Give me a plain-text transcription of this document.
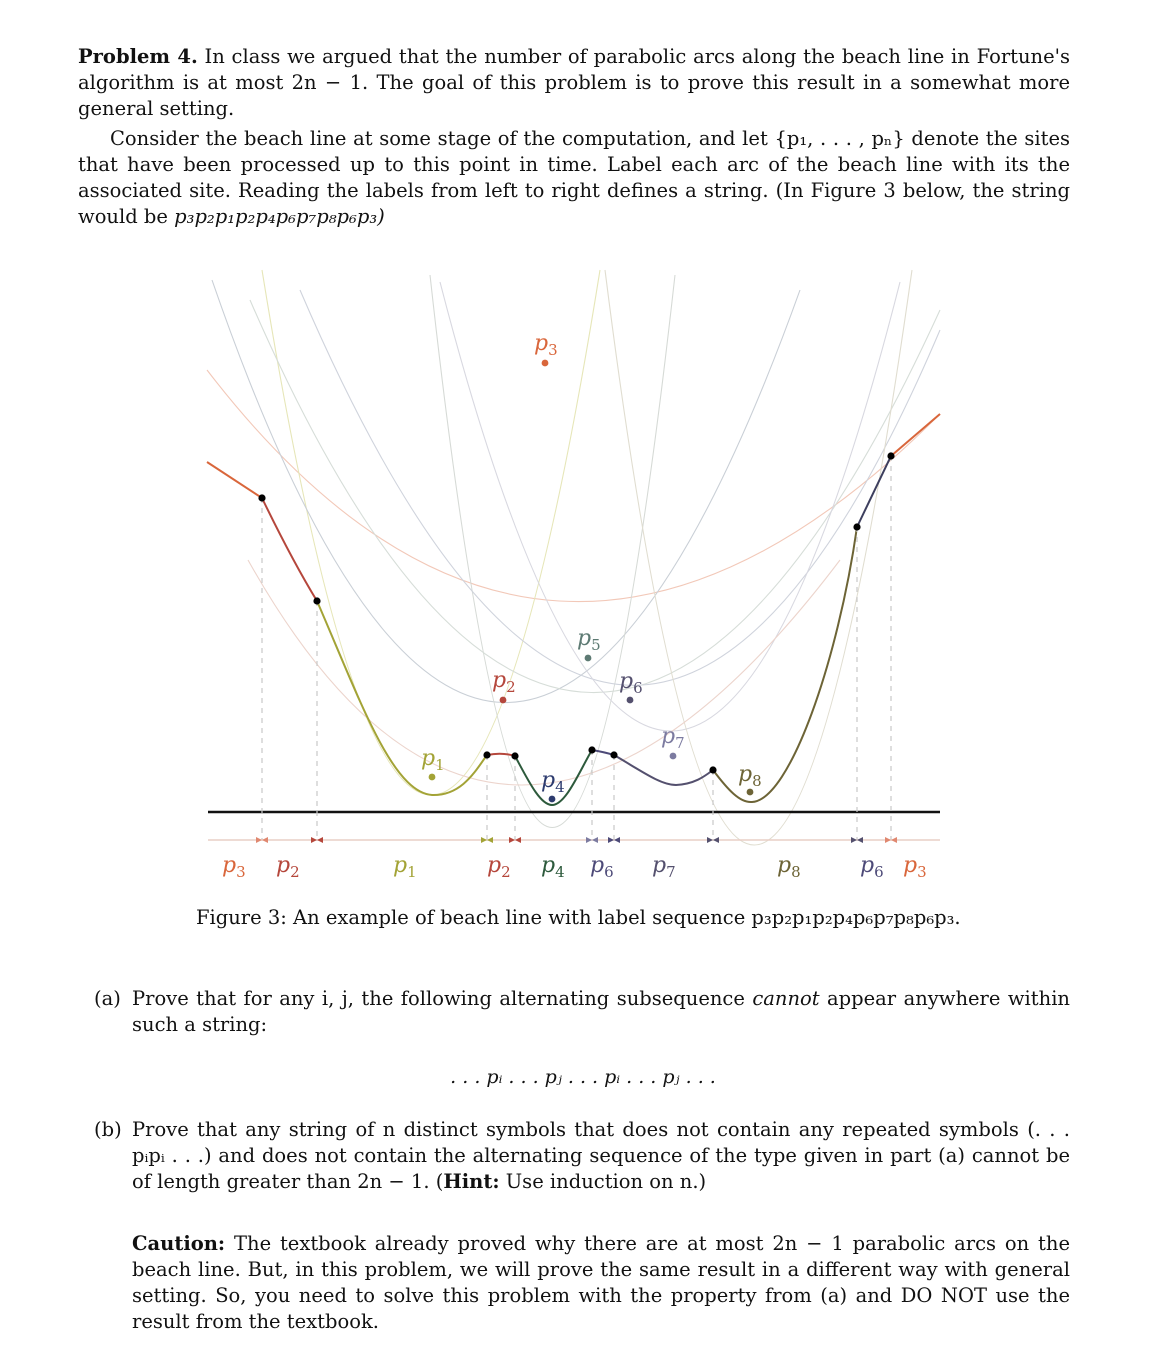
Problem 4. In class we argued that the number of parabolic arcs along the beach line in Fortune's algorithm is at most 2n − 1. The goal of this problem is to prove this result in a somewhat more general setting.

Consider the beach line at some stage of the computation, and let {p₁, . . . , pₙ} denote the sites that have been processed up to this point in time. Label each arc of the beach line with its the associated site. Reading the labels from left to right defines a string. (In Figure 3 below, the string would be p₃p₂p₁p₂p₄p₆p₇p₈p₆p₃)

$p_1$
$p_2$
$p_3$
$p_4$
$p_5$
$p_6$
$p_7$
$p_8$
$p_3$ $p_2$	$p_1$	$p_2$ $p_4$ $p_6$ $p_7$	$p_8$	$p_6$ $p_3$
Figure 3: An example of beach line with label sequence p₃p₂p₁p₂p₄p₆p₇p₈p₆p₃.
(a) Prove that for any i, j, the following alternating subsequence cannot appear anywhere within such a string:
. . . pᵢ . . . pⱼ . . . pᵢ . . . pⱼ . . .
(b) Prove that any string of n distinct symbols that does not contain any repeated symbols (. . . pᵢpᵢ . . .) and does not contain the alternating sequence of the type given in part (a) cannot be of length greater than 2n − 1. (Hint: Use induction on n.)
Caution: The textbook already proved why there are at most 2n − 1 parabolic arcs on the beach line. But, in this problem, we will prove the same result in a different way with general setting. So, you need to solve this problem with the property from (a) and DO NOT use the result from the textbook.
